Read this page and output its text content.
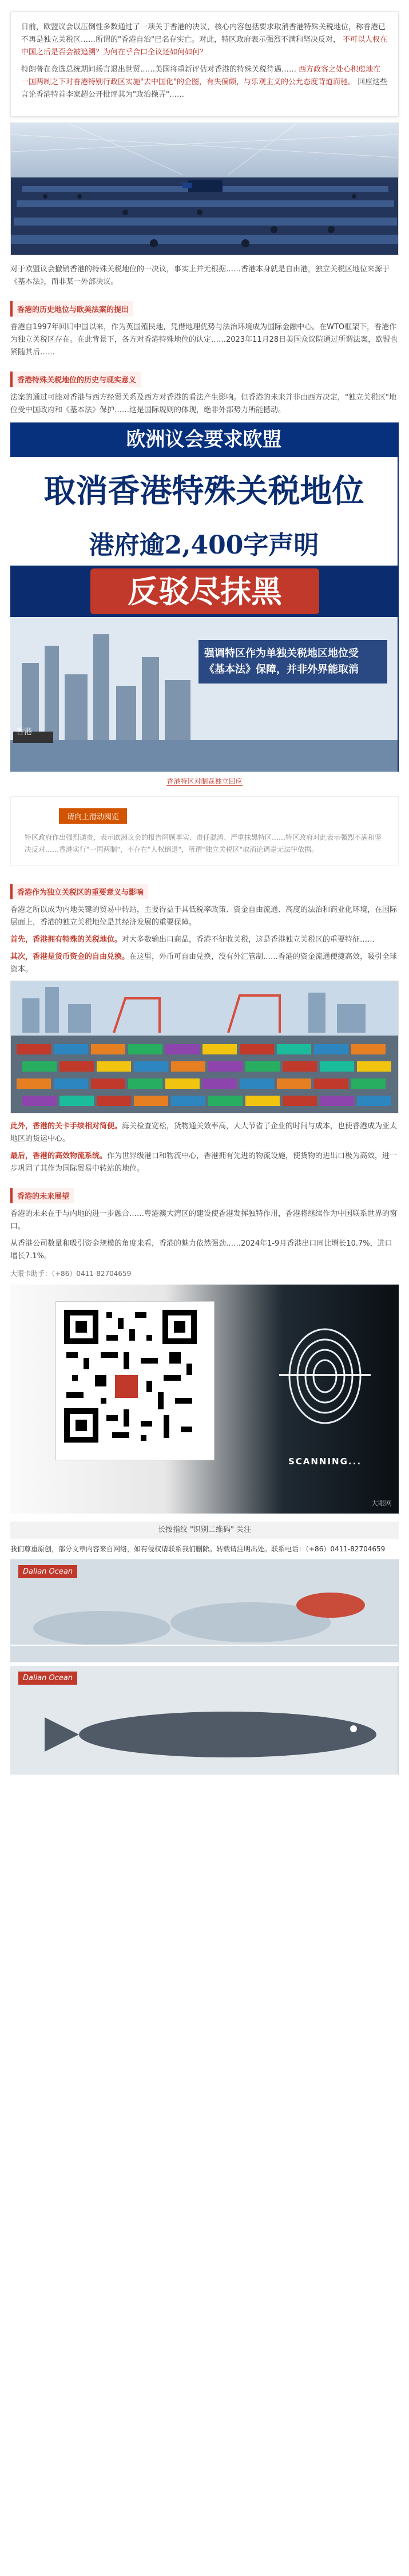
日前，欧盟议会以压倒性多数通过了一项关于香港的决议，核心内容包括要求取消香港特殊关税地位，称香港已不再是独立关税区……所谓的"香港自治"已名存实亡。对此，特区政府表示强烈不满和坚决反对， 不可以人权在中国之后是否会被追溯？为何在乎合口全议还如何如何？

特朗普在竞选总统期间扬言退出世贸……美国将重新评估对香港的特殊关税待遇…… 西方政客之处心积虑地在一国两制之下对香港特别行政区实施"去中国化"的企图，有失偏颇，与乐观主义的公允态度背道而驰。 回应这些言论香港特首李家超公开批评其为"政治操弄"……

对于欧盟议会撤销香港的特殊关税地位的一决议，事实上并无根据……香港本身就是自由港，独立关税区地位来源于《基本法》，而非某一外部决议。

香港的历史地位与欧美法案的提出

香港自1997年回归中国以来，作为英国殖民地，凭借地理优势与法治环境成为国际金融中心。在WTO框架下，香港作为独立关税区存在。在此背景下，各方对香港特殊地位的认定……2023年11月28日美国众议院通过所谓法案，欧盟也紧随其后……

香港特殊关税地位的历史与现实意义

法案的通过可能对香港与西方经贸关系及西方对香港的看法产生影响。但香港的未来并非由西方决定，"独立关税区"地位受中国政府和《基本法》保护……这是国际规则的体现，绝非外部势力所能撼动。

欧洲议会要求欧盟
取消香港特殊关税地位
港府逾2,400字声明
反驳尽抹黑
强调特区作为单独关税地区地位受
《基本法》保障，并非外界能取消
香港
香港特区对制裁独立回应
请向上滑动阅览
特区政府作出强烈谴责，表示欧洲议会的报告罔顾事实、责任混淆、严重抹黑特区……特区政府对此表示强烈不满和坚决反对……香港实行"一国两制"，不存在"人权倒退"，所谓"独立关税区"取消论调毫无法律依据。
香港作为独立关税区的重要意义与影响

香港之所以成为内地关键的贸易中转站，主要得益于其低税率政策、资金自由流通、高度的法治和商业化环境，在国际层面上，香港的独立关税地位是其经济发展的重要保障。

首先，香港拥有特殊的关税地位。对大多数输出口商品，香港不征收关税，这是香港独立关税区的重要特征……

其次，香港是货币资金的自由兑换。在这里，外币可自由兑换，没有外汇管制……香港的资金流通便捷高效，吸引全球资本。

此外，香港的关卡手续相对简便。海关检查宽松，货物通关效率高，大大节省了企业的时间与成本，也使香港成为亚太地区的货运中心。

最后，香港的高效物流系统。作为世界级港口和物流中心，香港拥有先进的物流设施，使货物的进出口极为高效，进一步巩固了其作为国际贸易中转站的地位。

香港的未来展望

香港的未来在于与内地的进一步融合……粤港澳大湾区的建设使香港发挥独特作用，香港将继续作为中国联系世界的窗口。

从香港公司数量和吸引资金规模的角度来看，香港的魅力依然强劲……2024年1-9月香港出口同比增长10.7%，进口增长7.1%。

大眼卡助手：（+86）0411-82704659

SCANNING...
大眼网
长按指纹 "识别二维码" 关注
我们尊重原创，部分文章内容来自网络，如有侵权请联系我们删除。转载请注明出处。联系电话：（+86）0411-82704659
Dalian Ocean
Dalian Ocean
